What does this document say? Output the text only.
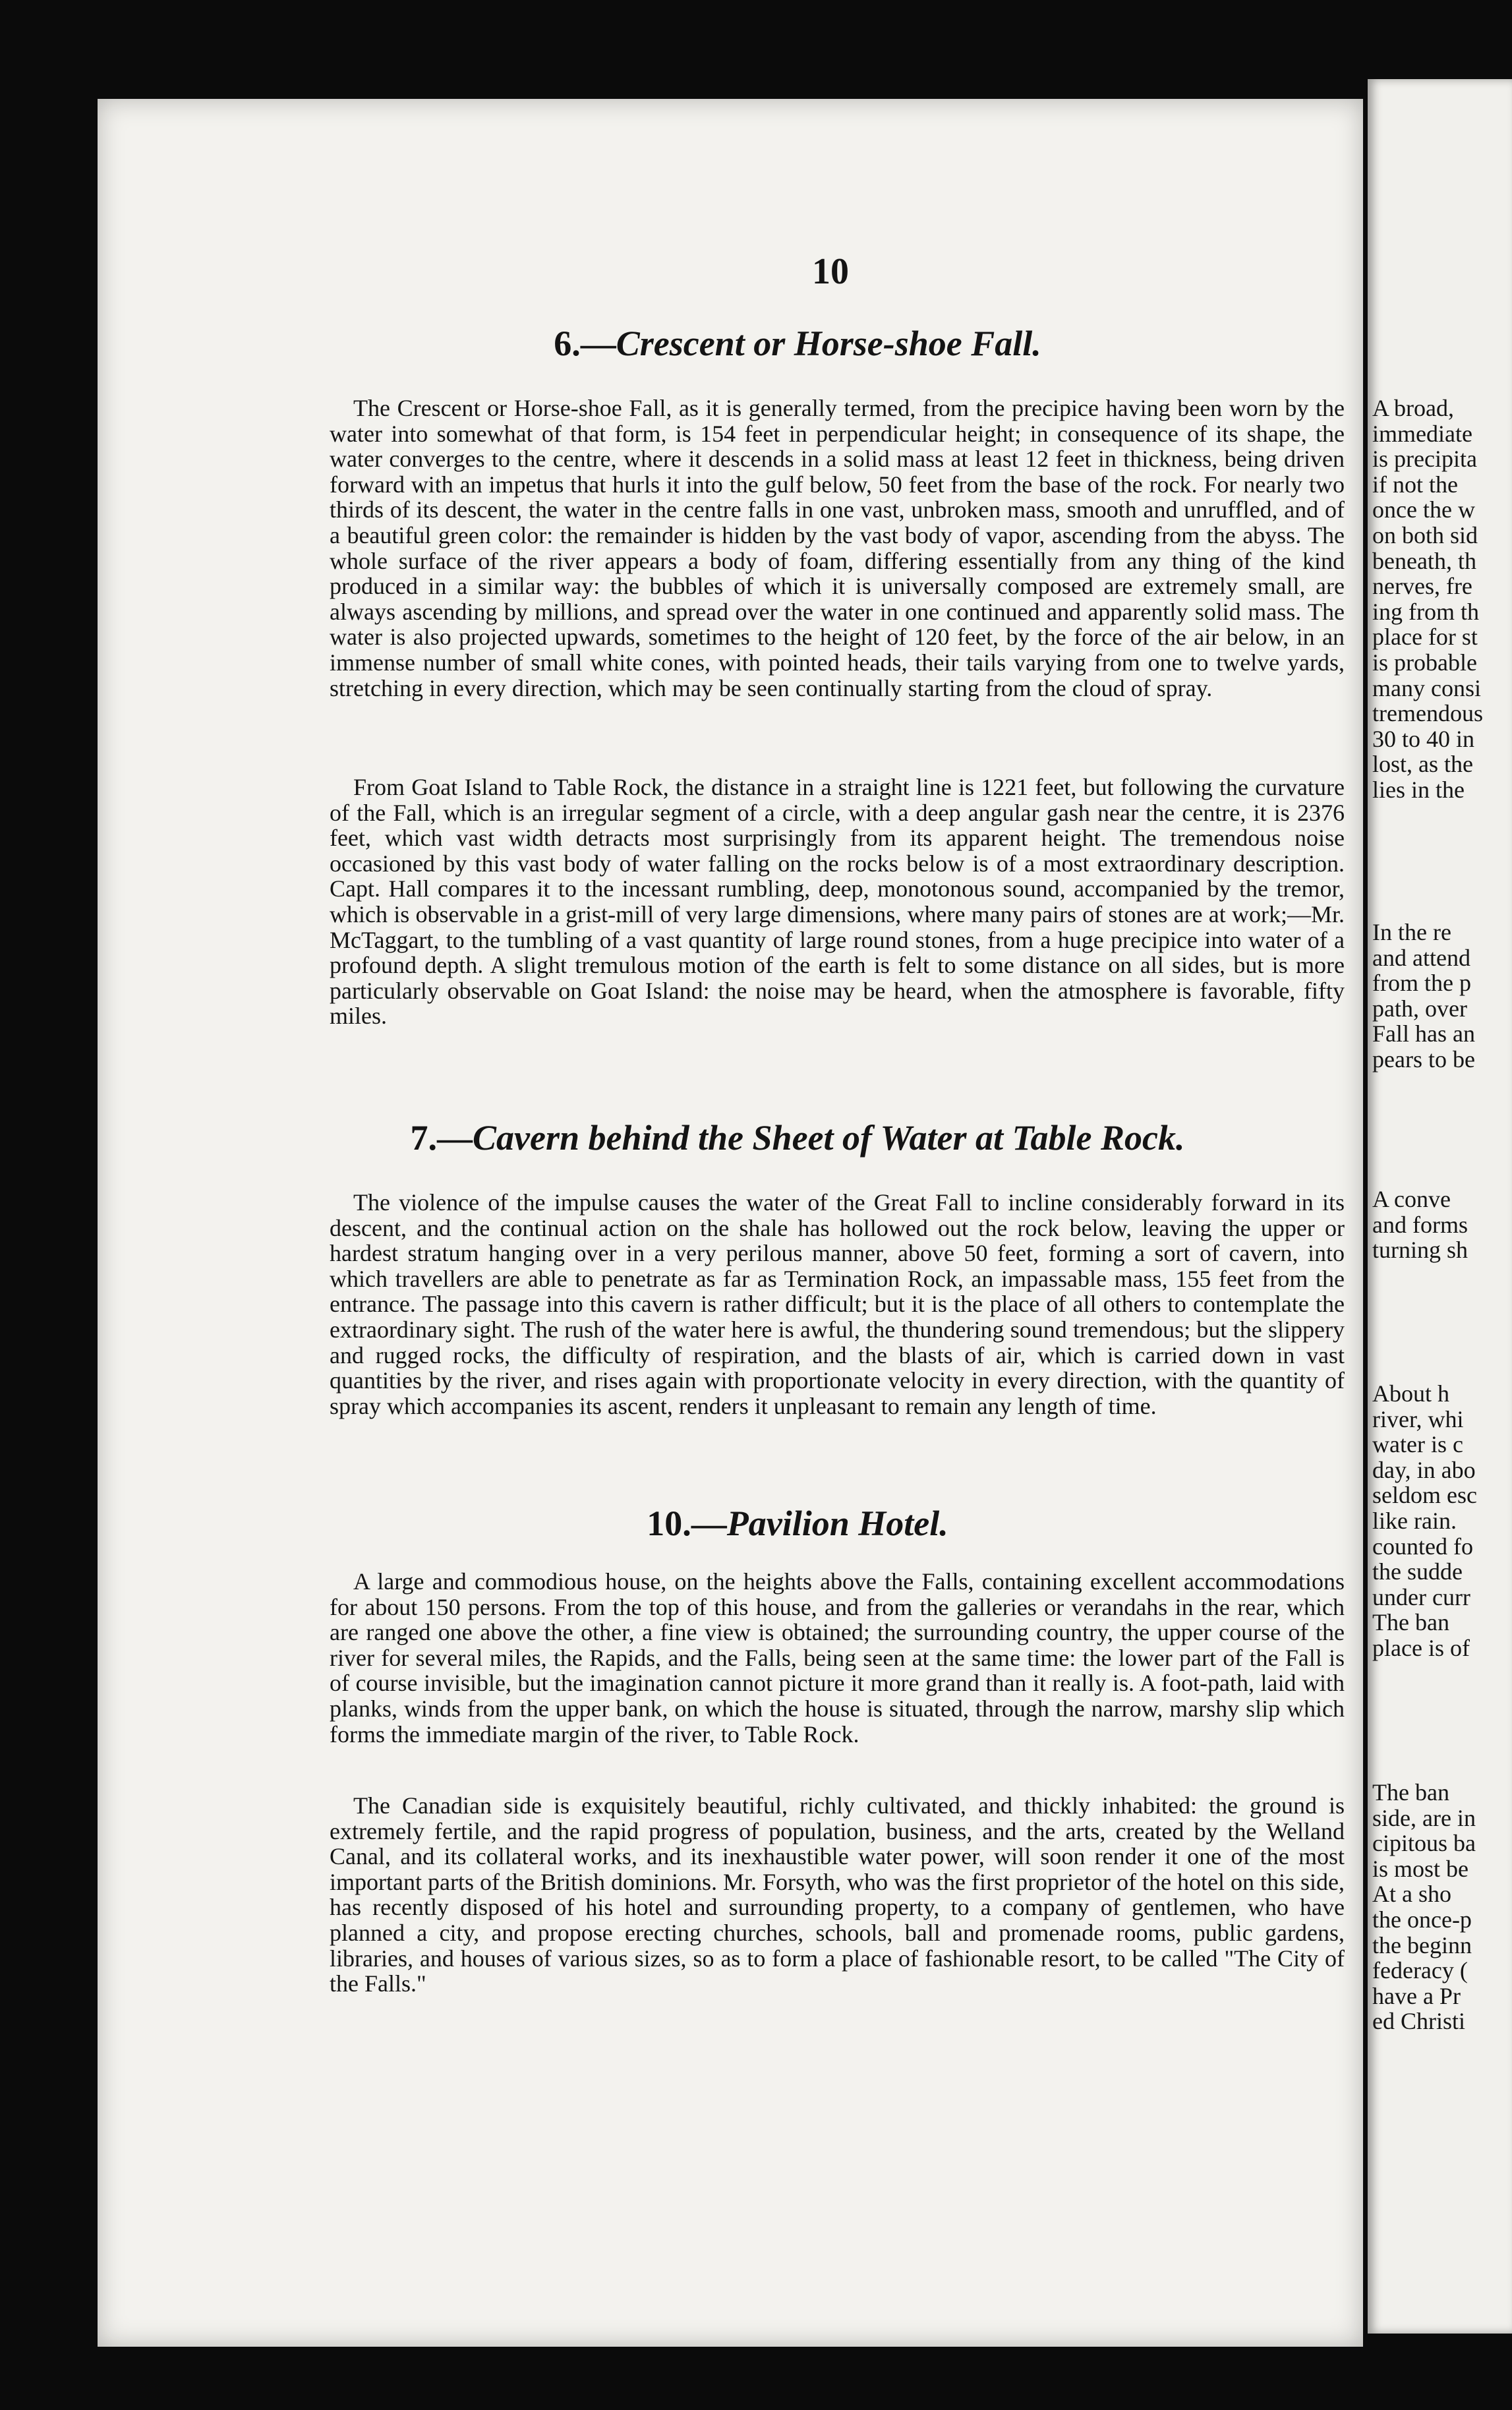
10
6.—Crescent or Horse-shoe Fall.
The Crescent or Horse-shoe Fall, as it is generally termed, from the precipice having been worn by the water into somewhat of that form, is 154 feet in perpendicular height; in consequence of its shape, the water converges to the centre, where it descends in a solid mass at least 12 feet in thickness, being driven forward with an impetus that hurls it into the gulf below, 50 feet from the base of the rock. For nearly two thirds of its descent, the water in the centre falls in one vast, unbroken mass, smooth and unruffled, and of a beautiful green color: the remainder is hidden by the vast body of vapor, ascending from the abyss. The whole surface of the river appears a body of foam, differing essentially from any thing of the kind produced in a similar way: the bubbles of which it is universally composed are extremely small, are always ascending by millions, and spread over the water in one continued and apparently solid mass. The water is also projected upwards, sometimes to the height of 120 feet, by the force of the air below, in an immense number of small white cones, with pointed heads, their tails varying from one to twelve yards, stretching in every direction, which may be seen continually starting from the cloud of spray.
From Goat Island to Table Rock, the distance in a straight line is 1221 feet, but following the curvature of the Fall, which is an irregular segment of a circle, with a deep angular gash near the centre, it is 2376 feet, which vast width detracts most surprisingly from its apparent height. The tremendous noise occasioned by this vast body of water falling on the rocks below is of a most extraordinary description. Capt. Hall compares it to the incessant rumbling, deep, monotonous sound, accompanied by the tremor, which is observable in a grist-mill of very large dimensions, where many pairs of stones are at work;—Mr. McTaggart, to the tumbling of a vast quantity of large round stones, from a huge precipice into water of a profound depth. A slight tremulous motion of the earth is felt to some distance on all sides, but is more particularly observable on Goat Island: the noise may be heard, when the atmosphere is favorable, fifty miles.
7.—Cavern behind the Sheet of Water at Table Rock.
The violence of the impulse causes the water of the Great Fall to incline considerably forward in its descent, and the continual action on the shale has hollowed out the rock below, leaving the upper or hardest stratum hanging over in a very perilous manner, above 50 feet, forming a sort of cavern, into which travellers are able to penetrate as far as Termination Rock, an impassable mass, 155 feet from the entrance. The passage into this cavern is rather difficult; but it is the place of all others to contemplate the extraordinary sight. The rush of the water here is awful, the thundering sound tremendous; but the slippery and rugged rocks, the difficulty of respiration, and the blasts of air, which is carried down in vast quantities by the river, and rises again with proportionate velocity in every direction, with the quantity of spray which accompanies its ascent, renders it unpleasant to remain any length of time.
10.—Pavilion Hotel.
A large and commodious house, on the heights above the Falls, containing excellent accommodations for about 150 persons. From the top of this house, and from the galleries or verandahs in the rear, which are ranged one above the other, a fine view is obtained; the surrounding country, the upper course of the river for several miles, the Rapids, and the Falls, being seen at the same time: the lower part of the Fall is of course invisible, but the imagination cannot picture it more grand than it really is. A foot-path, laid with planks, winds from the upper bank, on which the house is situated, through the narrow, marshy slip which forms the immediate margin of the river, to Table Rock.
The Canadian side is exquisitely beautiful, richly cultivated, and thickly inhabited: the ground is extremely fertile, and the rapid progress of population, business, and the arts, created by the Welland Canal, and its collateral works, and its inexhaustible water power, will soon render it one of the most important parts of the British dominions. Mr. Forsyth, who was the first proprietor of the hotel on this side, has recently disposed of his hotel and surrounding property, to a company of gentlemen, who have planned a city, and propose erecting churches, schools, ball and promenade rooms, public gardens, libraries, and houses of various sizes, so as to form a place of fashionable resort, to be called "The City of the Falls."
A broad,
immediate
is precipita
if not the
once the w
on both sid
beneath, th
nerves, fre
ing from th
place for st
is probable
many consi
tremendous
30 to 40 in
lost, as the
lies in the
In the re
and attend
from the p
path, over
Fall has an
pears to be
A conve
and forms
turning sh
About h
river, whi
water is c
day, in abo
seldom esc
like rain.
counted fo
the sudde
under curr
The ban
place is of
The ban
side, are in
cipitous ba
is most be
At a sho
the once-p
the beginn
federacy (
have a Pr
ed Christi
